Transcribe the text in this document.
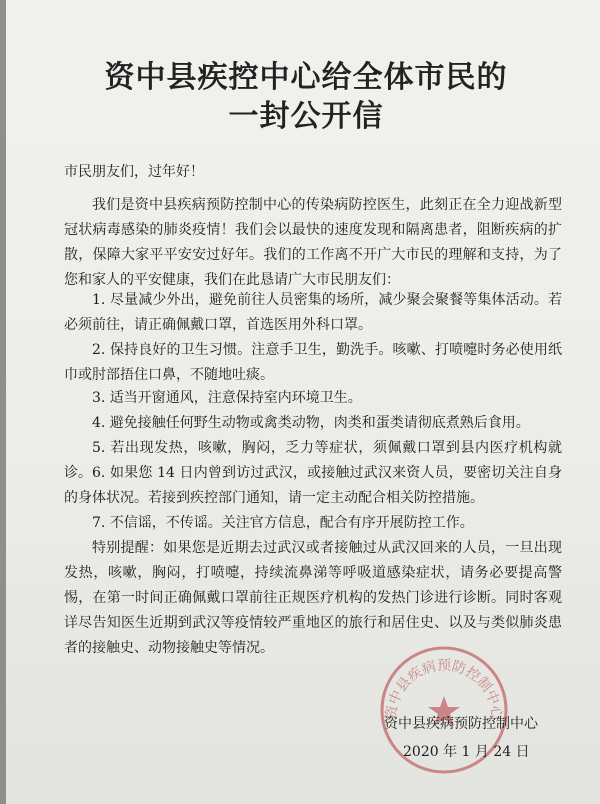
资中县疾控中心给全体市民的
一封公开信

市民朋友们，过年好！

我们是资中县疾病预防控制中心的传染病防控医生，此刻正在全力迎战新型冠状病毒感染的肺炎疫情！我们会以最快的速度发现和隔离患者，阻断疾病的扩散，保障大家平平安安过好年。我们的工作离不开广大市民的理解和支持，为了您和家人的平安健康，我们在此恳请广大市民朋友们：

1. 尽量减少外出，避免前往人员密集的场所，减少聚会聚餐等集体活动。若必须前往，请正确佩戴口罩，首选医用外科口罩。

2. 保持良好的卫生习惯。注意手卫生，勤洗手。咳嗽、打喷嚏时务必使用纸巾或肘部捂住口鼻，不随地吐痰。

3. 适当开窗通风，注意保持室内环境卫生。

4. 避免接触任何野生动物或禽类动物，肉类和蛋类请彻底煮熟后食用。

5. 若出现发热，咳嗽，胸闷，乏力等症状，须佩戴口罩到县内医疗机构就诊。 6. 如果您 14 日内曾到访过武汉，或接触过武汉来资人员，要密切关注自身的身体状况。若接到疾控部门通知，请一定主动配合相关防控措施。

7. 不信谣，不传谣。关注官方信息，配合有序开展防控工作。

特别提醒：如果您是近期去过武汉或者接触过从武汉回来的人员，一旦出现发热，咳嗽，胸闷，打喷嚏，持续流鼻涕等呼吸道感染症状，请务必要提高警惕，在第一时间正确佩戴口罩前往正规医疗机构的发热门诊进行诊断。同时客观详尽告知医生近期到武汉等疫情较严重地区的旅行和居住史、以及与类似肺炎患者的接触史、动物接触史等情况。

资中县疾病预防控制中心

资中县疾病预防控制中心

2020 年 1 月 24 日
